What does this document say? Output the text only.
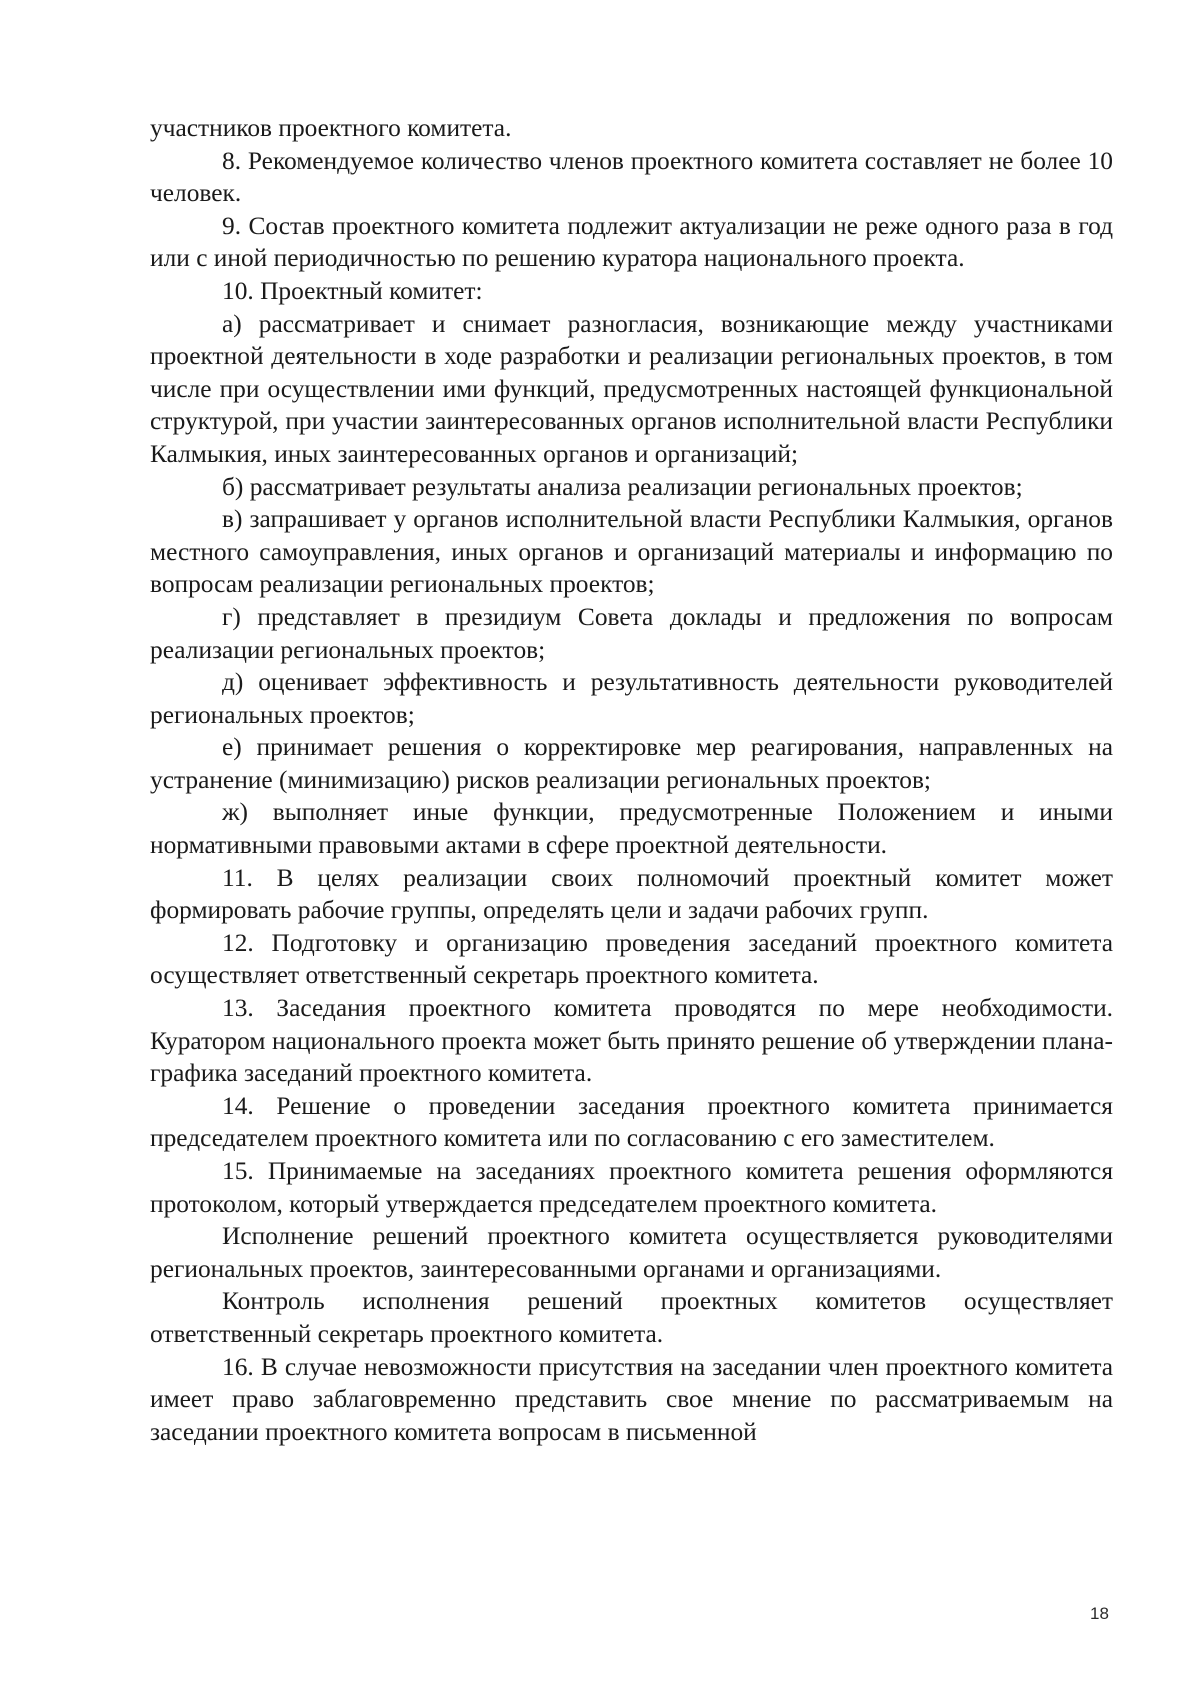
участников проектного комитета.

8. Рекомендуемое количество членов проектного комитета составляет не более 10 человек.

9. Состав проектного комитета подлежит актуализации не реже одного раза в год или с иной периодичностью по решению куратора национального проекта.

10. Проектный комитет:

а) рассматривает и снимает разногласия, возникающие между участниками проектной деятельности в ходе разработки и реализации региональных проектов, в том числе при осуществлении ими функций, предусмотренных настоящей функциональной структурой, при участии заинтересованных органов исполнительной власти Республики Калмыкия, иных заинтересованных органов и организаций;

б) рассматривает результаты анализа реализации региональных проектов;

в) запрашивает у органов исполнительной власти Республики Калмыкия, органов местного самоуправления, иных органов и организаций материалы и информацию по вопросам реализации региональных проектов;

г) представляет в президиум Совета доклады и предложения по вопросам реализации региональных проектов;

д) оценивает эффективность и результативность деятельности руководителей региональных проектов;

е) принимает решения о корректировке мер реагирования, направленных на устранение (минимизацию) рисков реализации региональных проектов;

ж) выполняет иные функции, предусмотренные Положением и иными нормативными правовыми актами в сфере проектной деятельности.

11. В целях реализации своих полномочий проектный комитет может формировать рабочие группы, определять цели и задачи рабочих групп.

12. Подготовку и организацию проведения заседаний проектного комитета осуществляет ответственный секретарь проектного комитета.

13. Заседания проектного комитета проводятся по мере необходимости. Куратором национального проекта может быть принято решение об утверждении плана-графика заседаний проектного комитета.

14. Решение о проведении заседания проектного комитета принимается председателем проектного комитета или по согласованию с его заместителем.

15. Принимаемые на заседаниях проектного комитета решения оформляются протоколом, который утверждается председателем проектного комитета.

Исполнение решений проектного комитета осуществляется руководителями региональных проектов, заинтересованными органами и организациями.

Контроль исполнения решений проектных комитетов осуществляет ответственный секретарь проектного комитета.

16. В случае невозможности присутствия на заседании член проектного комитета имеет право заблаговременно представить свое мнение по рассматриваемым на заседании проектного комитета вопросам в письменной

18
